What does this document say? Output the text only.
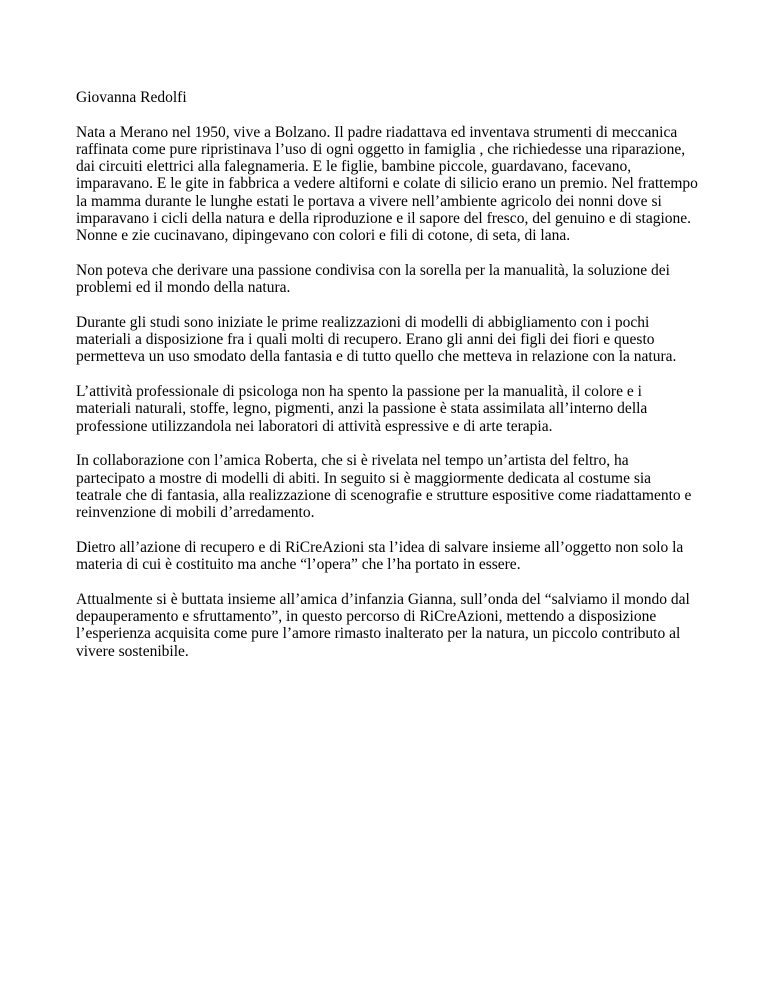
Giovanna Redolfi

Nata a Merano nel 1950, vive a Bolzano. Il padre riadattava ed inventava strumenti di meccanica
raffinata come pure ripristinava l’uso di ogni oggetto in famiglia , che richiedesse una riparazione,
dai circuiti elettrici alla falegnameria. E le figlie, bambine piccole, guardavano, facevano,
imparavano. E le gite in fabbrica a vedere altiforni e colate di silicio erano un premio. Nel frattempo
la mamma durante le lunghe estati le portava a vivere nell’ambiente agricolo dei nonni dove si
imparavano i cicli della natura e della riproduzione e il sapore del fresco, del genuino e di stagione.
Nonne e zie cucinavano, dipingevano con colori e fili di cotone, di seta, di lana.

Non poteva che derivare una passione condivisa con la sorella per la manualità, la soluzione dei
problemi ed il mondo della natura.

Durante gli studi sono iniziate le prime realizzazioni di modelli di abbigliamento con i pochi
materiali a disposizione fra i quali molti di recupero. Erano gli anni dei figli dei fiori e questo
permetteva un uso smodato della fantasia e di tutto quello che metteva in relazione con la natura.

L’attività professionale di psicologa non ha spento la passione per la manualità, il colore e i
materiali naturali, stoffe, legno, pigmenti, anzi la passione è stata assimilata all’interno della
professione utilizzandola nei laboratori di attività espressive e di arte terapia.

In collaborazione con l’amica Roberta, che si è rivelata nel tempo un’artista del feltro, ha
partecipato a mostre di modelli di abiti. In seguito si è maggiormente dedicata al costume sia
teatrale che di fantasia, alla realizzazione di scenografie e strutture espositive come riadattamento e
reinvenzione di mobili d’arredamento.

Dietro all’azione di recupero e di RiCreAzioni sta l’idea di salvare insieme all’oggetto non solo la
materia di cui è costituito ma anche “l’opera” che l’ha portato in essere.

Attualmente si è buttata insieme all’amica d’infanzia Gianna, sull’onda del “salviamo il mondo dal
depauperamento e sfruttamento”, in questo percorso di RiCreAzioni, mettendo a disposizione
l’esperienza acquisita come pure l’amore rimasto inalterato per la natura, un piccolo contributo al
vivere sostenibile.
